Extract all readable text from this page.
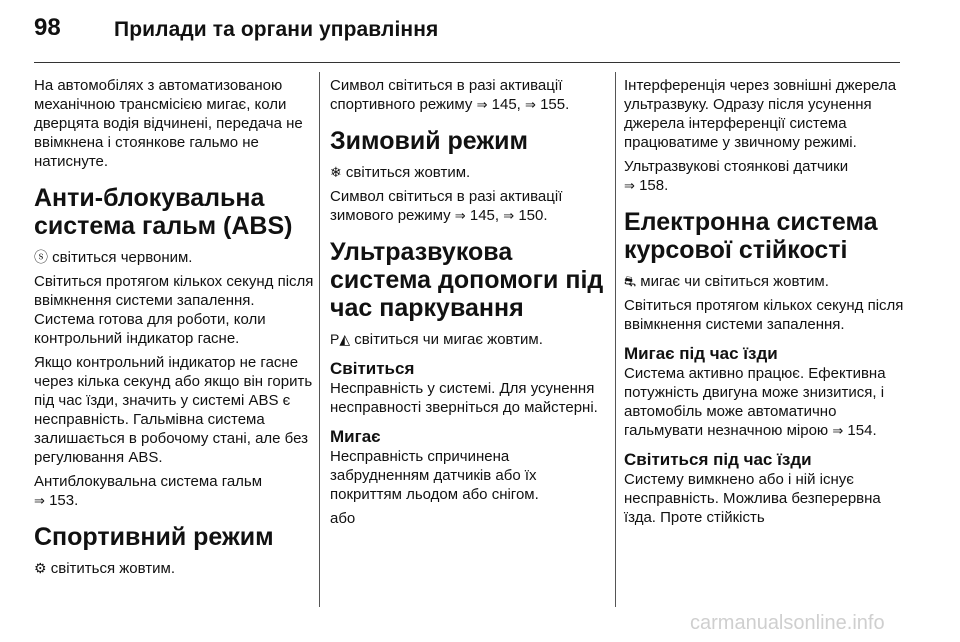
98	Прилади та органи управління

На автомобілях з автоматизованою механічною трансмісією мигає, коли дверцята водія відчинені, передача не ввімкнена і стоянкове гальмо не натиснуте.

Анти-блокувальна система гальм (ABS)

ⓢ світиться червоним.

Світиться протягом кількох секунд після ввімкнення системи запалення. Система готова для роботи, коли контрольний індикатор гасне.

Якщо контрольний індикатор не гасне через кілька секунд або якщо він горить під час їзди, значить у системі ABS є несправність. Гальмівна система залишається в робочому стані, але без регулювання ABS.

Антиблокувальна система гальм
⇒ 153.

Спортивний режим

⚙ світиться жовтим.

Символ світиться в разі активації спортивного режиму ⇒ 145, ⇒ 155.

Зимовий режим

❄ світиться жовтим.

Символ світиться в разі активації зимового режиму ⇒ 145, ⇒ 150.

Ультразвукова система допомоги під час паркування

P◭ світиться чи мигає жовтим.

Світиться

Несправність у системі. Для усунення несправності зверніться до майстерні.

Мигає

Несправність спричинена забрудненням датчиків або їх покриттям льодом або снігом.

або

Інтерференція через зовнішні джерела ультразвуку. Одразу після усунення джерела інтерференції система працюватиме у звичному режимі.

Ультразвукові стоянкові датчики
⇒ 158.

Електронна система курсової стійкості

⛐ мигає чи світиться жовтим.

Світиться протягом кількох секунд після ввімкнення системи запалення.

Мигає під час їзди

Система активно працює. Ефективна потужність двигуна може знизитися, і автомобіль може автоматично гальмувати незначною мірою ⇒ 154.

Світиться під час їзди

Систему вимкнено або і ній існує несправність. Можлива безперервна їзда. Проте стійкість

carmanualsonline.info
